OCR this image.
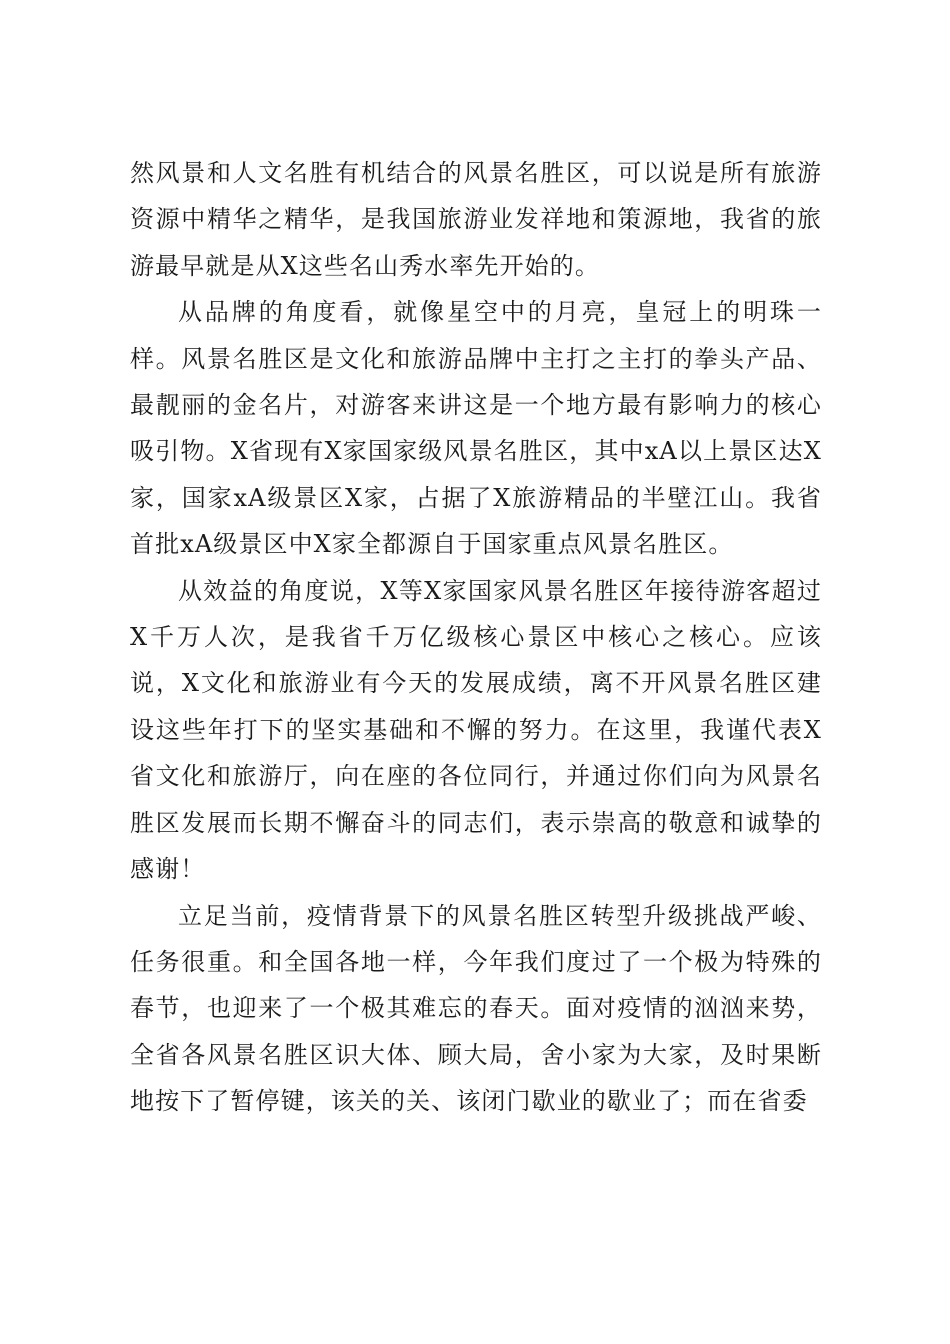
然风景和人文名胜有机结合的风景名胜区，可以说是所有旅游资源中精华之精华，是我国旅游业发祥地和策源地，我省的旅游最早就是从X这些名山秀水率先开始的。

从品牌的角度看，就像星空中的月亮，皇冠上的明珠一样。风景名胜区是文化和旅游品牌中主打之主打的拳头产品、最靓丽的金名片，对游客来讲这是一个地方最有影响力的核心吸引物。X省现有X家国家级风景名胜区，其中xA以上景区达X家，国家xA级景区X家，占据了X旅游精品的半壁江山。我省首批xA级景区中X家全都源自于国家重点风景名胜区。

从效益的角度说，X等X家国家风景名胜区年接待游客超过X千万人次，是我省千万亿级核心景区中核心之核心。应该说，X文化和旅游业有今天的发展成绩，离不开风景名胜区建设这些年打下的坚实基础和不懈的努力。在这里，我谨代表X省文化和旅游厅，向在座的各位同行，并通过你们向为风景名胜区发展而长期不懈奋斗的同志们，表示崇高的敬意和诚挚的感谢！

立足当前，疫情背景下的风景名胜区转型升级挑战严峻、任务很重。和全国各地一样，今年我们度过了一个极为特殊的春节，也迎来了一个极其难忘的春天。面对疫情的汹汹来势，全省各风景名胜区识大体、顾大局，舍小家为大家，及时果断地按下了暂停键，该关的关、该闭门歇业的歇业了；而在省委
